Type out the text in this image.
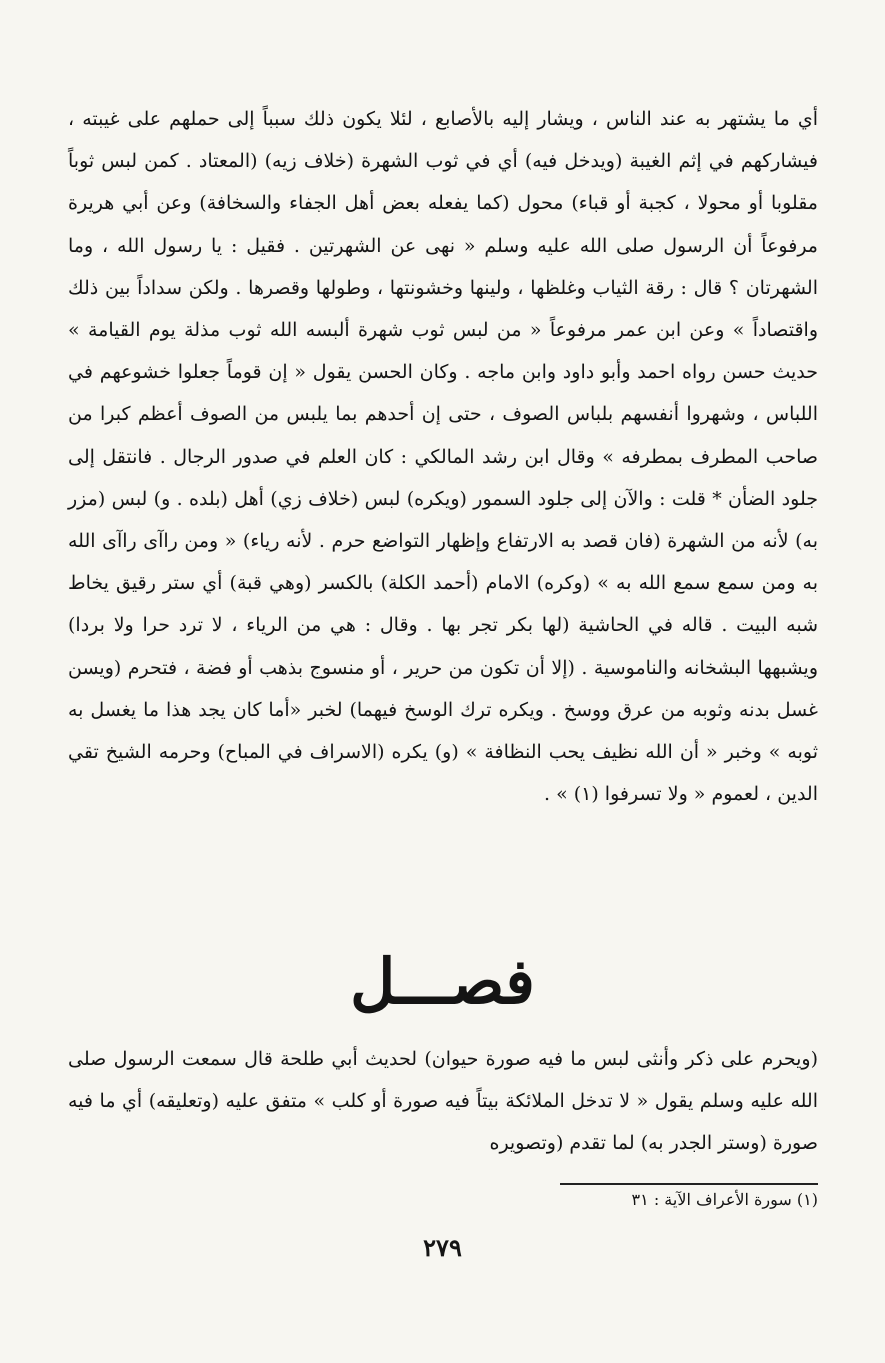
أي ما يشتهر به عند الناس ، ويشار إليه بالأصابع ، لئلا يكون ذلك سبباً إلى حملهم على غيبته ، فيشاركهم في إثم الغيبة (ويدخل فيه) أي في ثوب الشهرة (خلاف زيه) (المعتاد . كمن لبس ثوباً مقلوبا أو محولا ، كجبة أو قباء) محول (كما يفعله بعض أهل الجفاء والسخافة) وعن أبي هريرة مرفوعاً أن الرسول صلى الله عليه وسلم « نهى عن الشهرتين . فقيل : يا رسول الله ، وما الشهرتان ؟ قال : رقة الثياب وغلظها ، ولينها وخشونتها ، وطولها وقصرها . ولكن سداداً بين ذلك واقتصاداً » وعن ابن عمر مرفوعاً « من لبس ثوب شهرة ألبسه الله ثوب مذلة يوم القيامة » حديث حسن رواه احمد وأبو داود وابن ماجه . وكان الحسن يقول « إن قوماً جعلوا خشوعهم في اللباس ، وشهروا أنفسهم بلباس الصوف ، حتى إن أحدهم بما يلبس من الصوف أعظم كبرا من صاحب المطرف بمطرفه » وقال ابن رشد المالكي : كان العلم في صدور الرجال . فانتقل إلى جلود الضأن * قلت : والآن إلى جلود السمور (ويكره) لبس (خلاف زي) أهل (بلده . و) لبس (مزر به) لأنه من الشهرة (فان قصد به الارتفاع وإظهار التواضع حرم . لأنه رياء) « ومن راآى راآى الله به ومن سمع سمع الله به » (وكره) الامام (أحمد الكلة) بالكسر (وهي قبة) أي ستر رقيق يخاط شبه البيت . قاله في الحاشية (لها بكر تجر بها . وقال : هي من الرياء ، لا ترد حرا ولا بردا) ويشبهها البشخانه والناموسية . (إلا أن تكون من حرير ، أو منسوج بذهب أو فضة ، فتحرم (ويسن غسل بدنه وثوبه من عرق ووسخ . ويكره ترك الوسخ فيهما) لخبر «أما كان يجد هذا ما يغسل به ثوبه » وخبر « أن الله نظيف يحب النظافة » (و) يكره (الاسراف في المباح) وحرمه الشيخ تقي الدين ، لعموم « ولا تسرفوا (١) » .

فصـــل

(ويحرم على ذكر وأنثى لبس ما فيه صورة حيوان) لحديث أبي طلحة قال سمعت الرسول صلى الله عليه وسلم يقول « لا تدخل الملائكة بيتاً فيه صورة أو كلب » متفق عليه (وتعليقه) أي ما فيه صورة (وستر الجدر به) لما تقدم (وتصويره

(١) سورة الأعراف الآية : ٣١
٢٧٩
